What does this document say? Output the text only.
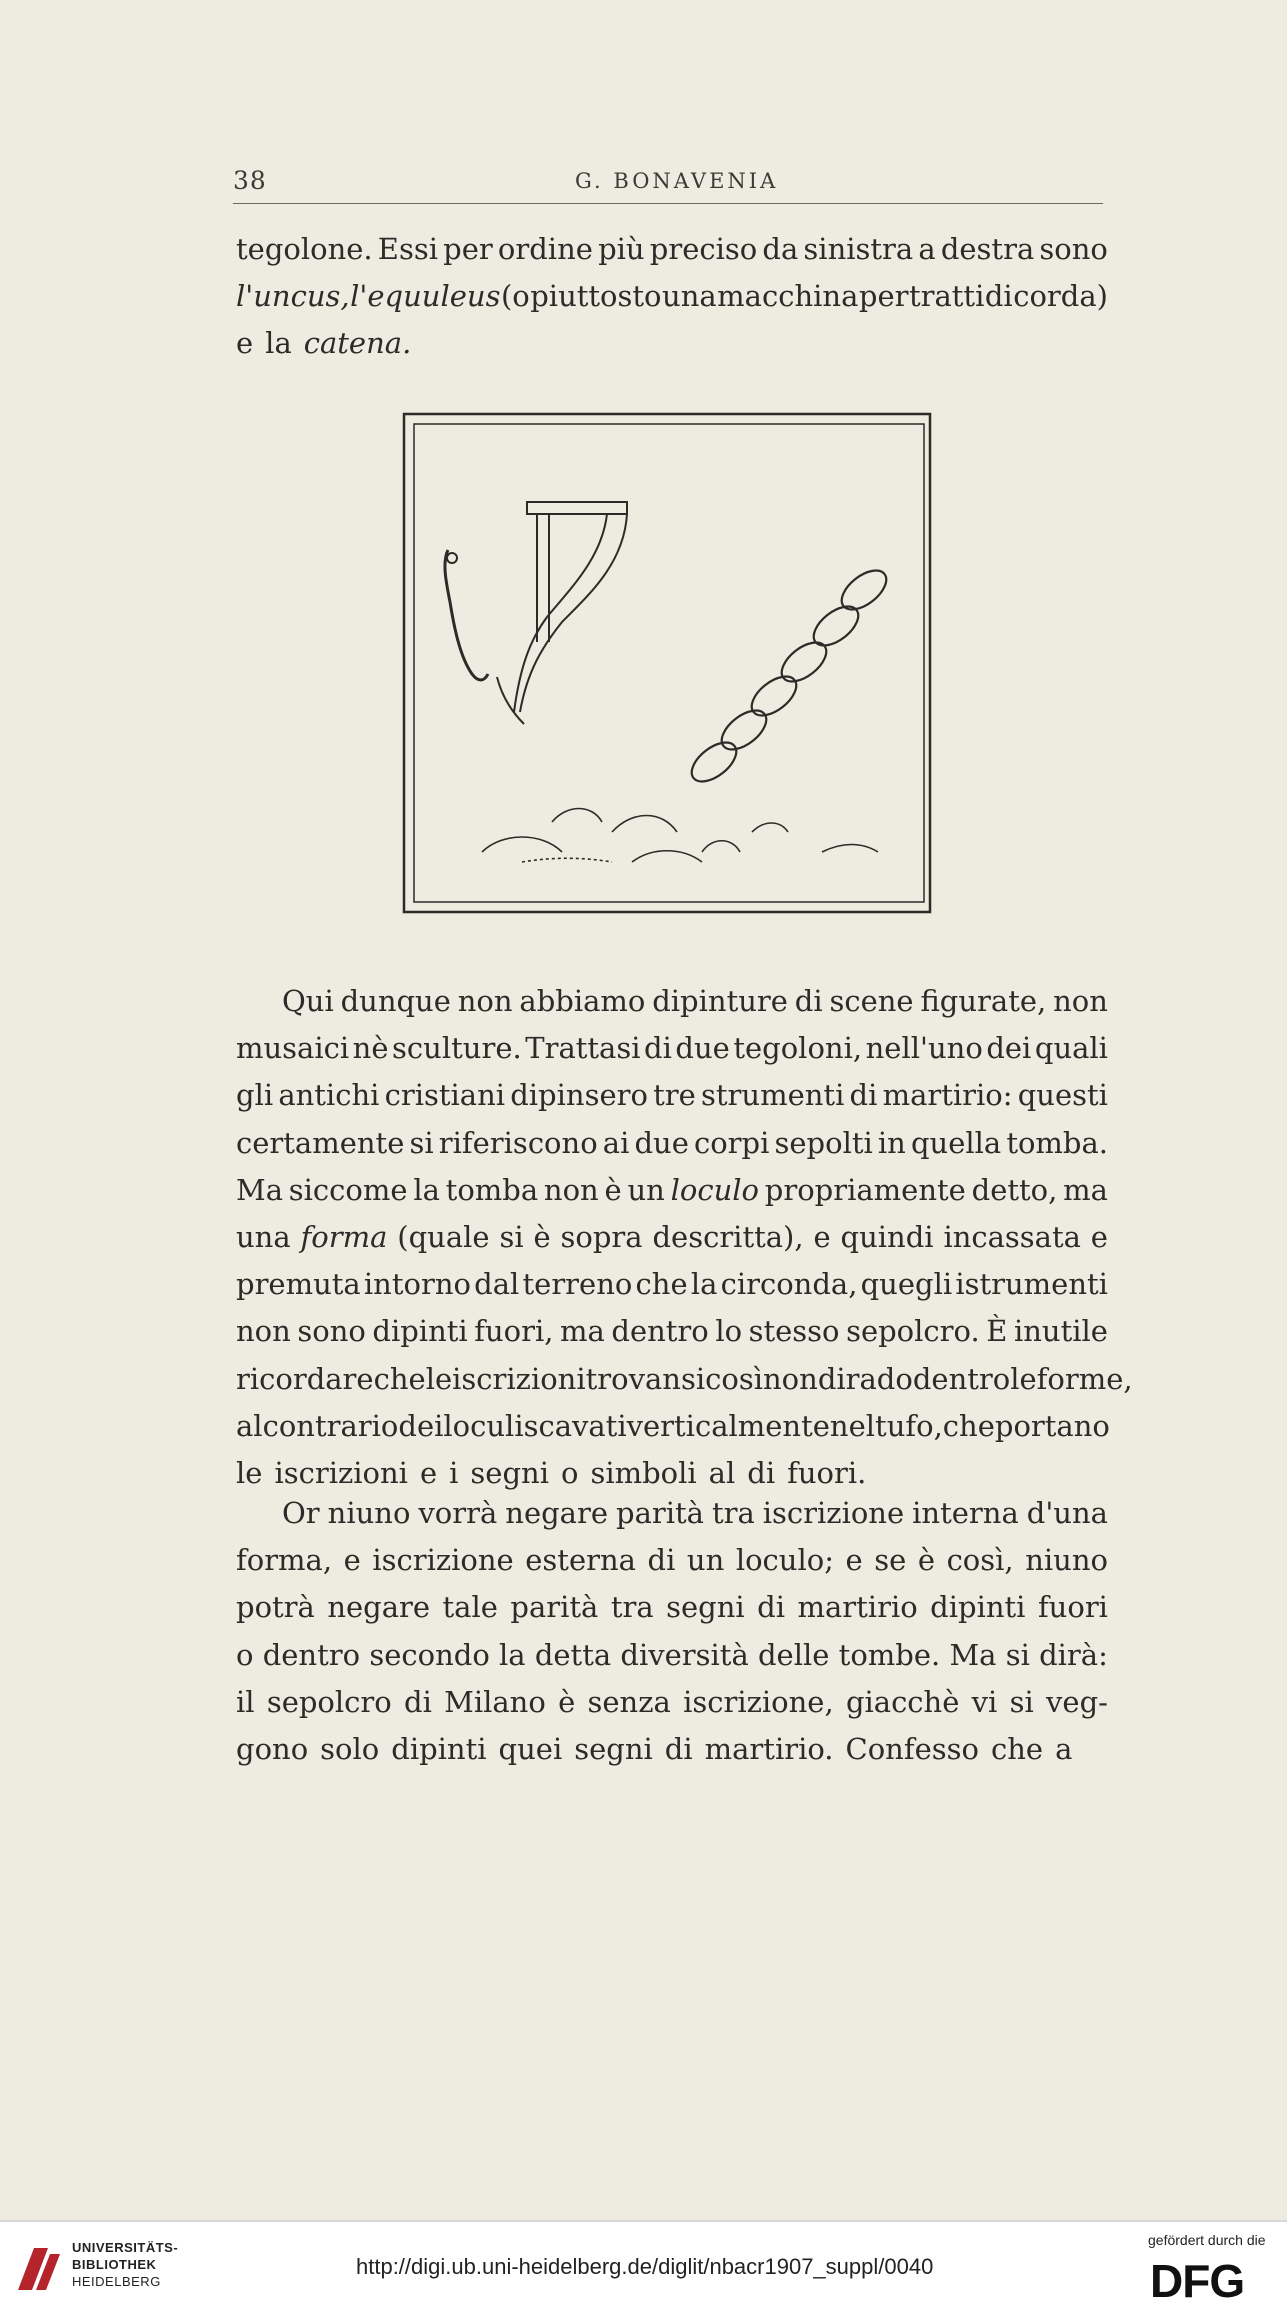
38	G. BONAVENIA
tegolone. Essi per ordine più preciso da sinistra a destra sono
l'uncus, l'equuleus (o piuttosto una macchina per tratti di corda)
e la catena.
Qui dunque non abbiamo dipinture di scene figurate, non
musaici nè sculture. Trattasi di due tegoloni, nell'uno dei quali
gli antichi cristiani dipinsero tre strumenti di martirio: questi
certamente si riferiscono ai due corpi sepolti in quella tomba.
Ma siccome la tomba non è un loculo propriamente detto, ma
una forma (quale si è sopra descritta), e quindi incassata e
premuta intorno dal terreno che la circonda, quegli istrumenti
non sono dipinti fuori, ma dentro lo stesso sepolcro. È inutile
ricordare che le iscrizioni trovansi così non di rado dentro le forme,
al contrario dei loculi scavati verticalmente nel tufo, che portano
le iscrizioni e i segni o simboli al di fuori.
Or niuno vorrà negare parità tra iscrizione interna d'una
forma, e iscrizione esterna di un loculo; e se è così, niuno
potrà negare tale parità tra segni di martirio dipinti fuori
o dentro secondo la detta diversità delle tombe. Ma si dirà:
il sepolcro di Milano è senza iscrizione, giacchè vi si veg-
gono solo dipinti quei segni di martirio. Confesso che a
UNIVERSITÄTS-
BIBLIOTHEK
HEIDELBERG
http://digi.ub.uni-heidelberg.de/diglit/nbacr1907_suppl/0040
gefördert durch die
DFG
